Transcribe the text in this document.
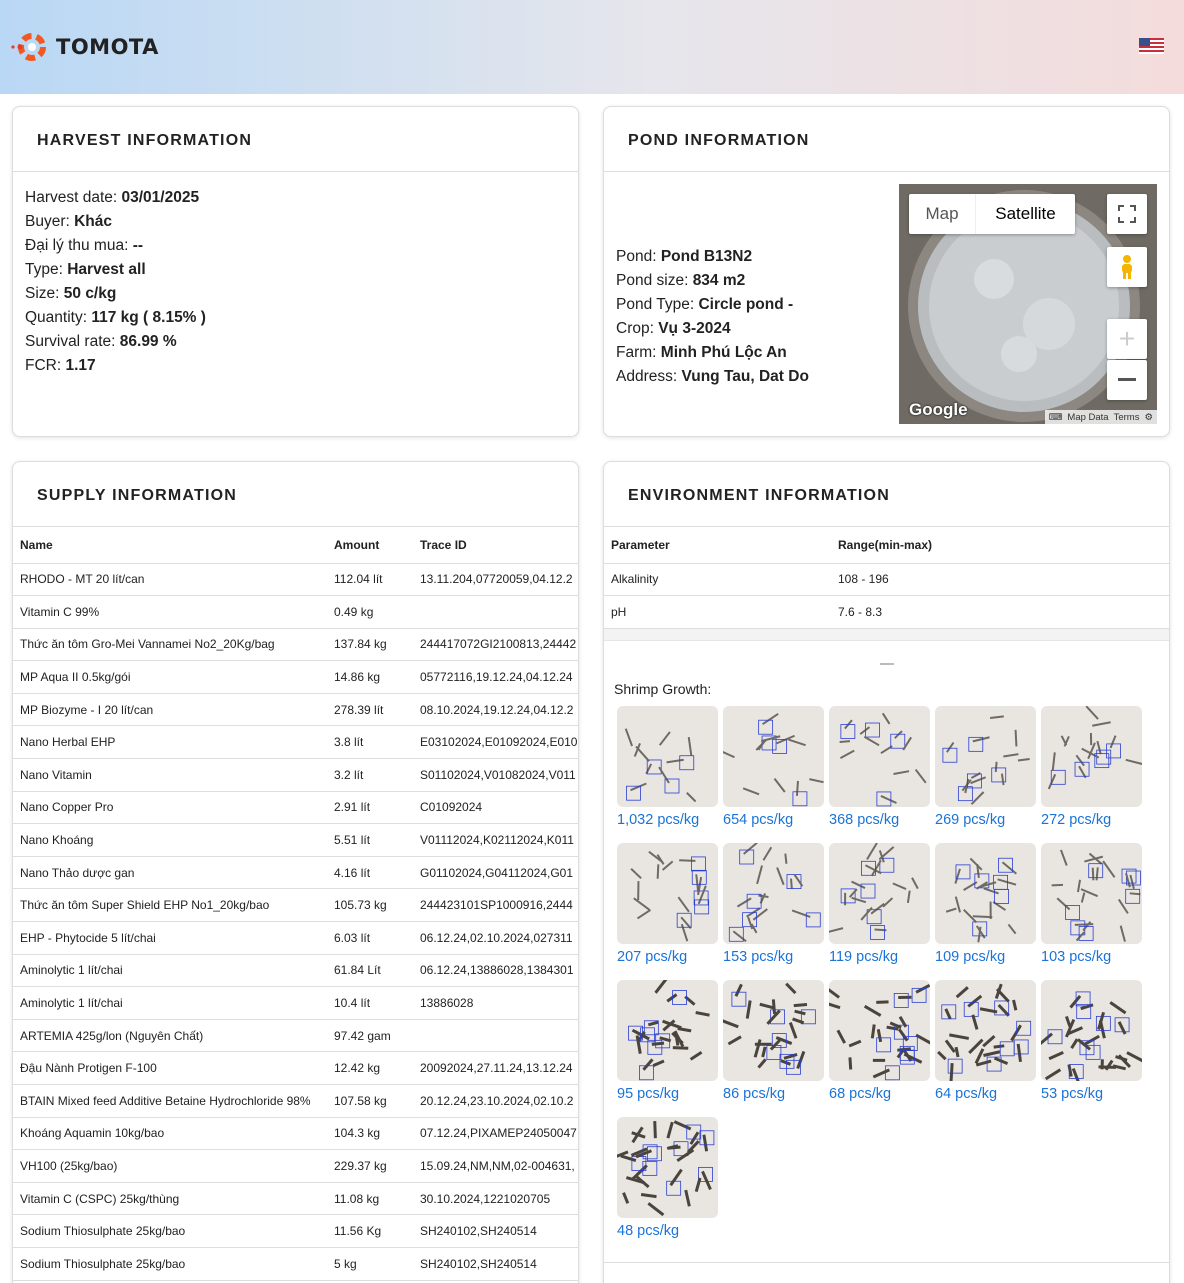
TOMOTA
HARVEST INFORMATION
Harvest date: 03/01/2025
Buyer: Khác
Đại lý thu mua: --
Type: Harvest all
Size: 50 c/kg
Quantity: 117 kg ( 8.15% )
Survival rate: 86.99 %
FCR: 1.17
POND INFORMATION
Pond: Pond B13N2
Pond size: 834 m2
Pond Type: Circle pond -
Crop: Vụ 3-2024
Farm: Minh Phú Lộc An
Address: Vung Tau, Dat Do
Map	Satellite
+
Google	⌨ Map Data Terms ⚙
SUPPLY INFORMATION
Name	Amount	Trace ID
RHODO - MT 20 lít/can	112.04 lít	13.11.204,07720059,04.12.2
Vitamin C 99%	0.49 kg	
Thức ăn tôm Gro-Mei Vannamei No2_20Kg/bag	137.84 kg	244417072GI2100813,24442
MP Aqua II 0.5kg/gói	14.86 kg	05772116,19.12.24,04.12.24
MP Biozyme - I 20 lít/can	278.39 lít	08.10.2024,19.12.24,04.12.2
Nano Herbal EHP	3.8 lít	E03102024,E01092024,E010
Nano Vitamin	3.2 lít	S01102024,V01082024,V011
Nano Copper Pro	2.91 lít	C01092024
Nano Khoáng	5.51 lít	V01112024,K02112024,K011
Nano Thảo dược gan	4.16 lít	G01102024,G04112024,G01
Thức ăn tôm Super Shield EHP No1_20kg/bao	105.73 kg	244423101SP1000916,2444
EHP - Phytocide 5 lít/chai	6.03 lít	06.12.24,02.10.2024,027311
Aminolytic 1 lít/chai	61.84 Lít	06.12.24,13886028,1384301
Aminolytic 1 lít/chai	10.4 lít	13886028
ARTEMIA 425g/lon (Nguyên Chất)	97.42 gam	
Đậu Nành Protigen F-100	12.42 kg	20092024,27.11.24,13.12.24
BTAIN Mixed feed Additive Betaine Hydrochloride 98%	107.58 kg	20.12.24,23.10.2024,02.10.2
Khoáng Aquamin 10kg/bao	104.3 kg	07.12.24,PIXAMEP24050047
VH100 (25kg/bao)	229.37 kg	15.09.24,NM,NM,02-004631,
Vitamin C (CSPC) 25kg/thùng	11.08 kg	30.10.2024,1221020705
Sodium Thiosulphate 25kg/bao	11.56 Kg	SH240102,SH240514
Sodium Thiosulphate 25kg/bao	5 kg	SH240102,SH240514
ENVIRONMENT INFORMATION
Parameter	Range(min-max)
Alkalinity	108 - 196
pH	7.6 - 8.3
Shrimp Growth:
1,032 pcs/kg	654 pcs/kg	368 pcs/kg	269 pcs/kg	272 pcs/kg
207 pcs/kg	153 pcs/kg	119 pcs/kg	109 pcs/kg	103 pcs/kg
95 pcs/kg	86 pcs/kg	68 pcs/kg	64 pcs/kg	53 pcs/kg
48 pcs/kg
